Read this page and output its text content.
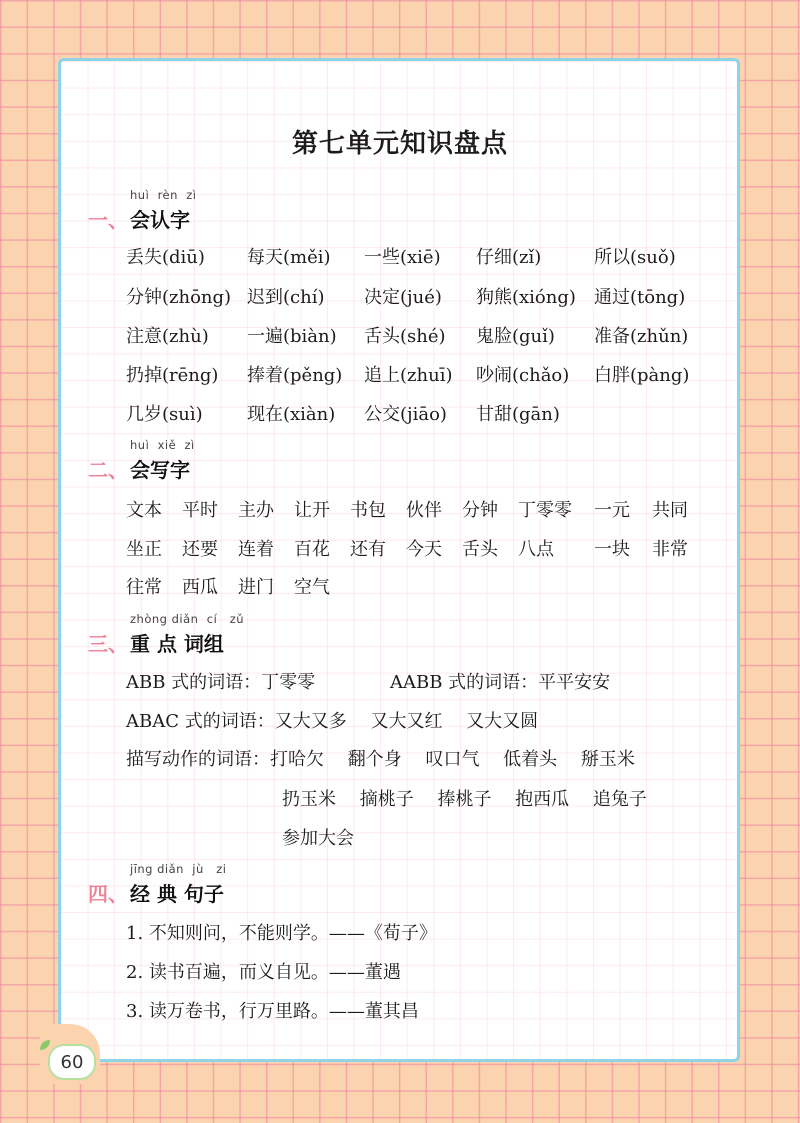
60
第七单元知识盘点
huì  rèn  zì
一、 会认字
丢失(diū) 每天(měi) 一些(xiē) 仔细(zǐ)	所以(suǒ)
分钟(zhōng) 迟到(chí) 决定(jué) 狗熊(xióng) 通过(tōng)
注意(zhù) 一遍(biàn) 舌头(shé) 鬼脸(guǐ) 准备(zhǔn)
扔掉(rēng) 捧着(pěng) 追上(zhuī) 吵闹(chǎo) 白胖(pàng)
几岁(suì) 现在(xiàn) 公交(jiāo) 甘甜(gān)
huì  xiě  zì
二、 会写字
文本 平时 主办 让开 书包 伙伴 分钟 丁零零 一元 共同
坐正 还要 连着 百花 还有 今天 舌头 八点 一块 非常
往常 西瓜 进门 空气
zhòng diǎn  cí   zǔ
三、 重 点 词组
ABB 式的词语：丁零零	AABB 式的词语：平平安安
ABAC 式的词语：又大又多　 又大又红　 又大又圆
描写动作的词语：打哈欠　 翻个身　 叹口气　 低着头　 掰玉米
扔玉米　 摘桃子　 捧桃子　 抱西瓜　 追兔子
参加大会
jīng diǎn  jù   zi
四、 经 典 句子
1. 不知则问，不能则学。——《荀子》
2. 读书百遍，而义自见。——董遇
3. 读万卷书，行万里路。——董其昌
